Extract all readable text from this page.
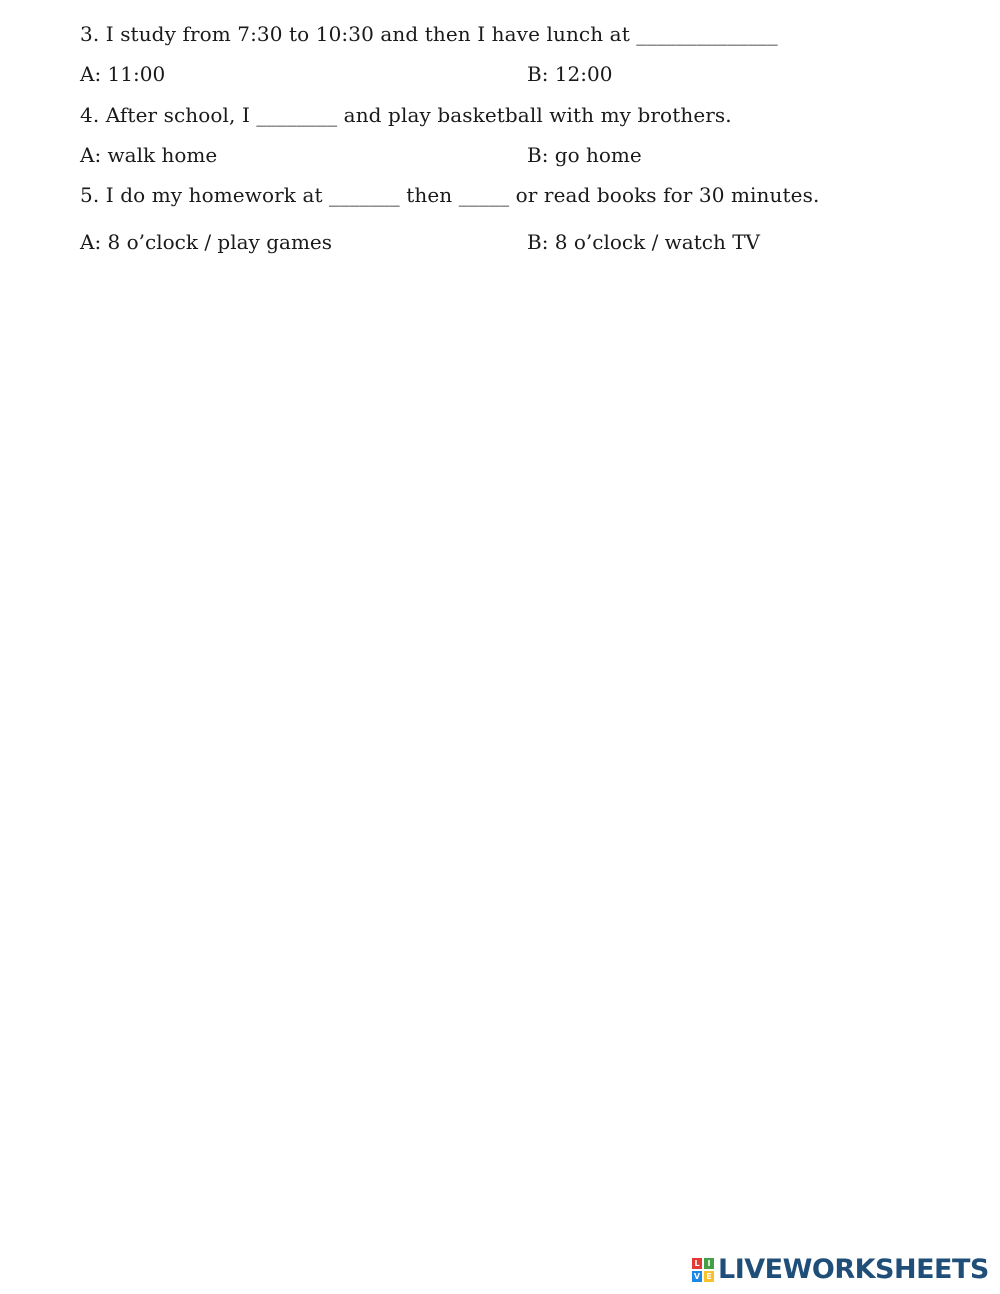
3. I study from 7:30 to 10:30 and then I have lunch at ______________
A: 11:00	B: 12:00
4. After school, I ________ and play basketball with my brothers.
A: walk home	B: go home
5. I do my homework at _______ then _____ or read books for 30 minutes.
A: 8 o’clock / play games	B: 8 o’clock / watch TV
L I
V E LIVEWORKSHEETS
